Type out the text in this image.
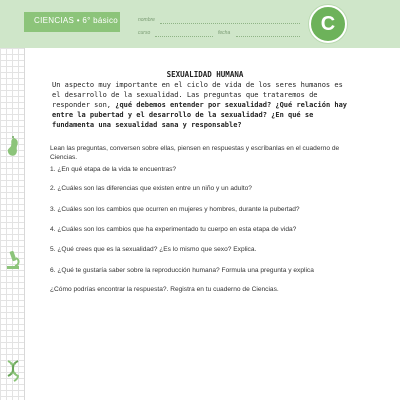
CIENCIAS • 6° básico	nombre
curso	fecha	C
SEXUALIDAD HUMANA

Un aspecto muy importante en el ciclo de vida de los seres humanos es el desarrollo de la sexualidad. Las preguntas que trataremos de responder son, ¿qué debemos entender por sexualidad? ¿Qué relación hay entre la pubertad y el desarrollo de la sexualidad? ¿En qué se fundamenta una sexualidad sana y responsable?

Lean las preguntas, conversen sobre ellas, piensen en respuestas y escríbanlas en el cuaderno de Ciencias.

1. ¿En qué etapa de la vida te encuentras?

2. ¿Cuáles son las diferencias que existen entre un niño y un adulto?

3. ¿Cuáles son los cambios que ocurren en mujeres y hombres, durante la pubertad?

4. ¿Cuáles son los cambios que ha experimentado tu cuerpo en esta etapa de vida?

5. ¿Qué crees que es la sexualidad? ¿Es lo mismo que sexo? Explica.

6. ¿Qué te gustaría saber sobre la reproducción humana? Formula una pregunta y explica

¿Cómo podrías encontrar la respuesta?. Registra en tu cuaderno de Ciencias.
